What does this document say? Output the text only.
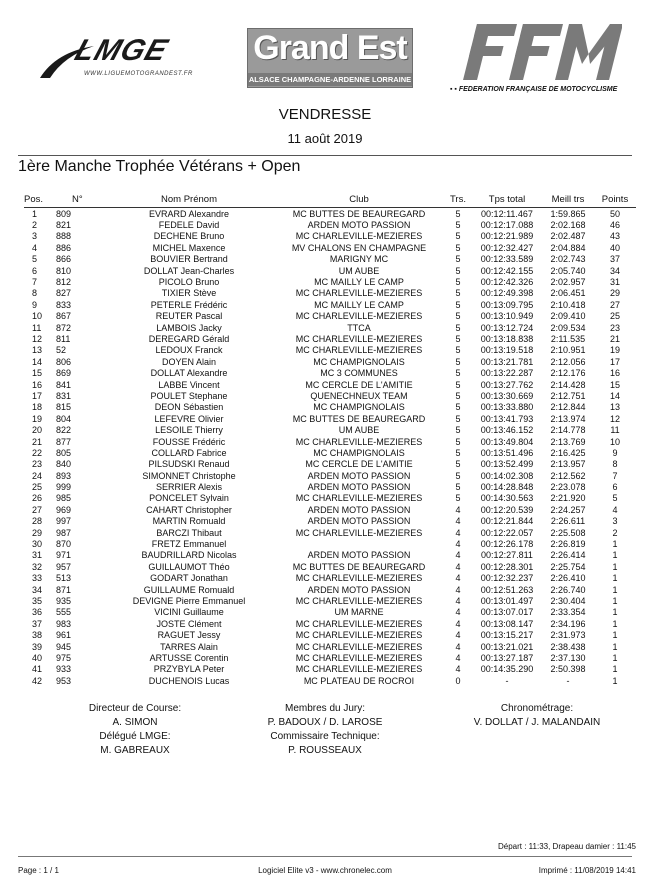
LMGE
WWW.LIGUEMOTOGRANDEST.FR
Grand Est
ALSACE CHAMPAGNE-ARDENNE LORRAINE
▪ ▪ FEDERATION FRANÇAISE DE MOTOCYCLISME
VENDRESSE
11 août 2019
1ère Manche Trophée Vétérans + Open
Pos.	N°	Nom Prénom	Club	Trs.	Tps total	Meill trs	Points
1	809	EVRARD Alexandre	MC BUTTES DE BEAUREGARD	5	00:12:11.467	1:59.865	50
2	821	FEDELE David	ARDEN MOTO PASSION	5	00:12:17.088	2:02.168	46
3	888	DECHENE Bruno	MC CHARLEVILLE-MEZIERES	5	00:12:21.989	2:02.487	43
4	886	MICHEL Maxence	MV CHALONS EN CHAMPAGNE	5	00:12:32.427	2:04.884	40
5	866	BOUVIER Bertrand	MARIGNY MC	5	00:12:33.589	2:02.743	37
6	810	DOLLAT Jean-Charles	UM AUBE	5	00:12:42.155	2:05.740	34
7	812	PICOLO Bruno	MC MAILLY LE CAMP	5	00:12:42.326	2:02.957	31
8	827	TIXIER Stève	MC CHARLEVILLE-MEZIERES	5	00:12:49.398	2:06.451	29
9	833	PETERLE Frédéric	MC MAILLY LE CAMP	5	00:13:09.795	2:10.418	27
10	867	REUTER Pascal	MC CHARLEVILLE-MEZIERES	5	00:13:10.949	2:09.410	25
11	872	LAMBOIS Jacky	TTCA	5	00:13:12.724	2:09.534	23
12	811	DEREGARD Gérald	MC CHARLEVILLE-MEZIERES	5	00:13:18.838	2:11.535	21
13	52	LEDOUX Franck	MC CHARLEVILLE-MEZIERES	5	00:13:19.518	2:10.951	19
14	806	DOYEN Alain	MC CHAMPIGNOLAIS	5	00:13:21.781	2:12.056	17
15	869	DOLLAT Alexandre	MC 3 COMMUNES	5	00:13:22.287	2:12.176	16
16	841	LABBE Vincent	MC CERCLE DE L'AMITIE	5	00:13:27.762	2:14.428	15
17	831	POULET Stephane	QUENECHNEUX TEAM	5	00:13:30.669	2:12.751	14
18	815	DEON Sébastien	MC CHAMPIGNOLAIS	5	00:13:33.880	2:12.844	13
19	804	LEFEVRE Olivier	MC BUTTES DE BEAUREGARD	5	00:13:41.793	2:13.974	12
20	822	LESOILE Thierry	UM AUBE	5	00:13:46.152	2:14.778	11
21	877	FOUSSE Frédéric	MC CHARLEVILLE-MEZIERES	5	00:13:49.804	2:13.769	10
22	805	COLLARD Fabrice	MC CHAMPIGNOLAIS	5	00:13:51.496	2:16.425	9
23	840	PILSUDSKI Renaud	MC CERCLE DE L'AMITIE	5	00:13:52.499	2:13.957	8
24	893	SIMONNET Christophe	ARDEN MOTO PASSION	5	00:14:02.308	2:12.562	7
25	999	SERRIER Alexis	ARDEN MOTO PASSION	5	00:14:28.848	2:23.078	6
26	985	PONCELET Sylvain	MC CHARLEVILLE-MEZIERES	5	00:14:30.563	2:21.920	5
27	969	CAHART Christopher	ARDEN MOTO PASSION	4	00:12:20.539	2:24.257	4
28	997	MARTIN Romuald	ARDEN MOTO PASSION	4	00:12:21.844	2:26.611	3
29	987	BARCZI Thibaut	MC CHARLEVILLE-MEZIERES	4	00:12:22.057	2:25.508	2
30	870	FRETZ Emmanuel		4	00:12:26.178	2:26.819	1
31	971	BAUDRILLARD Nicolas	ARDEN MOTO PASSION	4	00:12:27.811	2:26.414	1
32	957	GUILLAUMOT Théo	MC BUTTES DE BEAUREGARD	4	00:12:28.301	2:25.754	1
33	513	GODART Jonathan	MC CHARLEVILLE-MEZIERES	4	00:12:32.237	2:26.410	1
34	871	GUILLAUME Romuald	ARDEN MOTO PASSION	4	00:12:51.263	2:26.740	1
35	935	DEVIGNE Pierre Emmanuel	MC CHARLEVILLE-MEZIERES	4	00:13:01.497	2:30.404	1
36	555	VICINI Guillaume	UM MARNE	4	00:13:07.017	2:33.354	1
37	983	JOSTE Clément	MC CHARLEVILLE-MEZIERES	4	00:13:08.147	2:34.196	1
38	961	RAGUET Jessy	MC CHARLEVILLE-MEZIERES	4	00:13:15.217	2:31.973	1
39	945	TARRES Alain	MC CHARLEVILLE-MEZIERES	4	00:13:21.021	2:38.438	1
40	975	ARTUSSE Corentin	MC CHARLEVILLE-MEZIERES	4	00:13:27.187	2:37.130	1
41	933	PRZYBYLA Peter	MC CHARLEVILLE-MEZIERES	4	00:14:35.290	2:50.398	1
42	953	DUCHENOIS Lucas	MC PLATEAU DE ROCROI	0	-	-	1
Directeur de Course:
A. SIMON
Délégué LMGE:
M. GABREAUX
Membres du Jury:
P. BADOUX / D. LAROSE
Commissaire Technique:
P. ROUSSEAUX
Chronométrage:
V. DOLLAT / J. MALANDAIN
Départ : 11:33, Drapeau damier : 11:45
Page : 1 / 1	Logiciel Elite v3 - www.chronelec.com	Imprimé : 11/08/2019 14:41
